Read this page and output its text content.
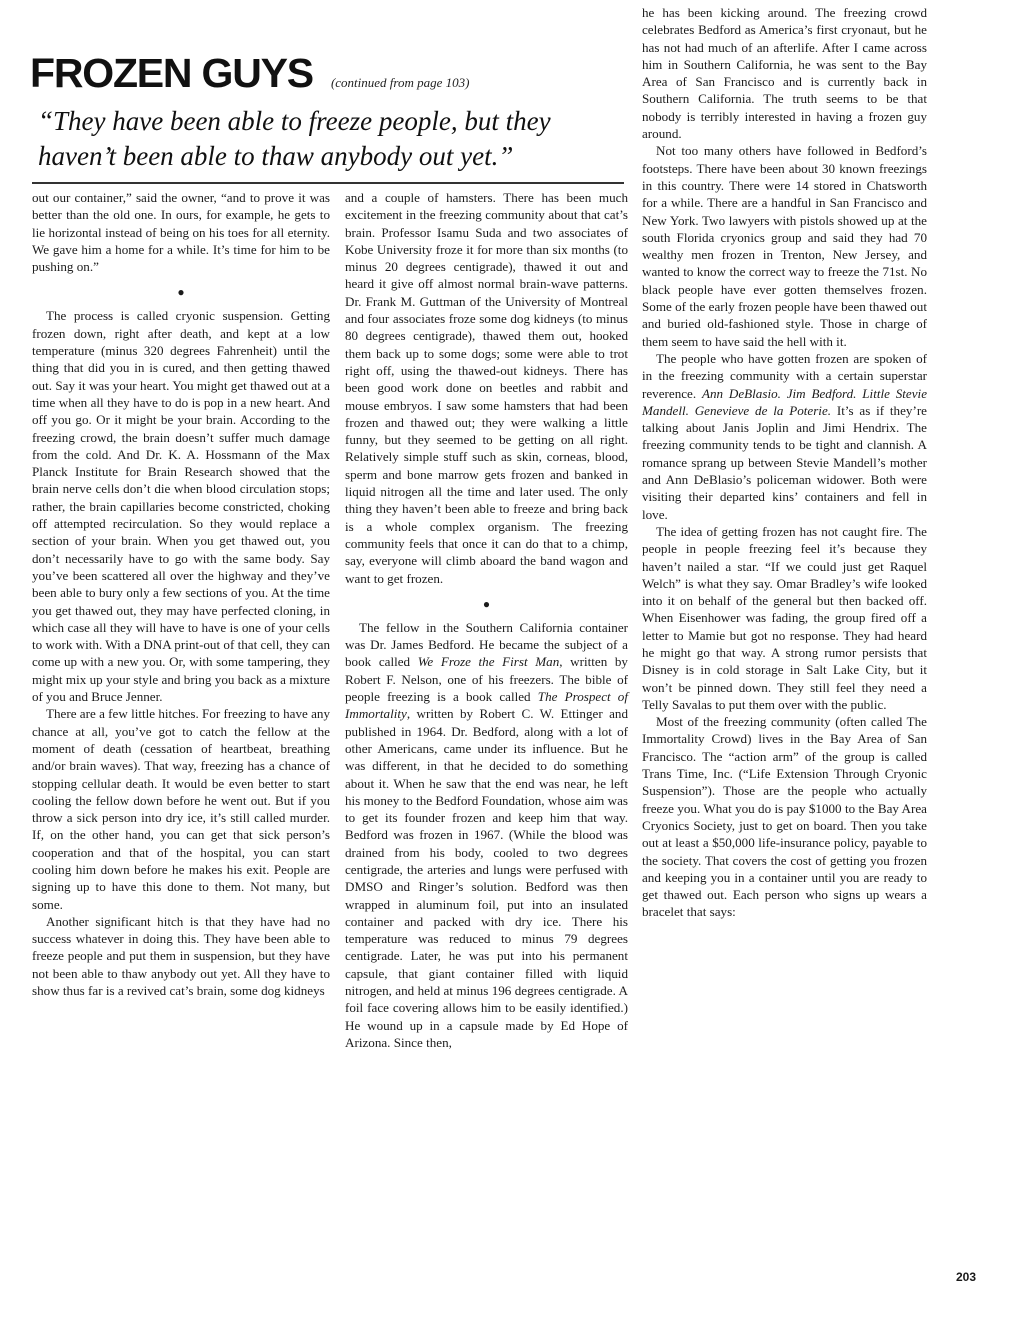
FROZEN GUYS (continued from page 103)
“They have been able to freeze people, but they haven’t been able to thaw anybody out yet.”

out our container,” said the owner, “and to prove it was better than the old one. In ours, for example, he gets to lie horizontal instead of being on his toes for all eternity. We gave him a home for a while. It’s time for him to be pushing on.”

●

The process is called cryonic suspension. Getting frozen down, right after death, and kept at a low temperature (minus 320 degrees Fahrenheit) until the thing that did you in is cured, and then getting thawed out. Say it was your heart. You might get thawed out at a time when all they have to do is pop in a new heart. And off you go. Or it might be your brain. According to the freezing crowd, the brain doesn’t suffer much damage from the cold. And Dr. K. A. Hossmann of the Max Planck Institute for Brain Research showed that the brain nerve cells don’t die when blood circulation stops; rather, the brain capillaries become constricted, choking off attempted recirculation. So they would replace a section of your brain. When you get thawed out, you don’t necessarily have to go with the same body. Say you’ve been scattered all over the highway and they’ve been able to bury only a few sections of you. At the time you get thawed out, they may have perfected cloning, in which case all they will have to have is one of your cells to work with. With a DNA print-out of that cell, they can come up with a new you. Or, with some tampering, they might mix up your style and bring you back as a mixture of you and Bruce Jenner.

There are a few little hitches. For freezing to have any chance at all, you’ve got to catch the fellow at the moment of death (cessation of heartbeat, breathing and/or brain waves). That way, freezing has a chance of stopping cellular death. It would be even better to start cooling the fellow down before he went out. But if you throw a sick person into dry ice, it’s still called murder. If, on the other hand, you can get that sick person’s cooperation and that of the hospital, you can start cooling him down before he makes his exit. People are signing up to have this done to them. Not many, but some.

Another significant hitch is that they have had no success whatever in doing this. They have been able to freeze people and put them in suspension, but they have not been able to thaw anybody out yet. All they have to show thus far is a revived cat’s brain, some dog kidneys

and a couple of hamsters. There has been much excitement in the freezing community about that cat’s brain. Professor Isamu Suda and two associates of Kobe University froze it for more than six months (to minus 20 degrees centigrade), thawed it out and heard it give off almost normal brain-wave patterns. Dr. Frank M. Guttman of the University of Montreal and four associates froze some dog kidneys (to minus 80 degrees centigrade), thawed them out, hooked them back up to some dogs; some were able to trot right off, using the thawed-out kidneys. There has been good work done on beetles and rabbit and mouse embryos. I saw some hamsters that had been frozen and thawed out; they were walking a little funny, but they seemed to be getting on all right. Relatively simple stuff such as skin, corneas, blood, sperm and bone marrow gets frozen and banked in liquid nitrogen all the time and later used. The only thing they haven’t been able to freeze and bring back is a whole complex organism. The freezing community feels that once it can do that to a chimp, say, everyone will climb aboard the band wagon and want to get frozen.

●

The fellow in the Southern California container was Dr. James Bedford. He became the subject of a book called We Froze the First Man, written by Robert F. Nelson, one of his freezers. The bible of people freezing is a book called The Prospect of Immortality, written by Robert C. W. Ettinger and published in 1964. Dr. Bedford, along with a lot of other Americans, came under its influence. But he was different, in that he decided to do something about it. When he saw that the end was near, he left his money to the Bedford Foundation, whose aim was to get its founder frozen and keep him that way. Bedford was frozen in 1967. (While the blood was drained from his body, cooled to two degrees centigrade, the arteries and lungs were perfused with DMSO and Ringer’s solution. Bedford was then wrapped in aluminum foil, put into an insulated container and packed with dry ice. There his temperature was reduced to minus 79 degrees centigrade. Later, he was put into his permanent capsule, that giant container filled with liquid nitrogen, and held at minus 196 degrees centigrade. A foil face covering allows him to be easily identified.) He wound up in a capsule made by Ed Hope of Arizona. Since then,

he has been kicking around. The freezing crowd celebrates Bedford as America’s first cryonaut, but he has not had much of an afterlife. After I came across him in Southern California, he was sent to the Bay Area of San Francisco and is currently back in Southern California. The truth seems to be that nobody is terribly interested in having a frozen guy around.

Not too many others have followed in Bedford’s footsteps. There have been about 30 known freezings in this country. There were 14 stored in Chatsworth for a while. There are a handful in San Francisco and New York. Two lawyers with pistols showed up at the south Florida cryonics group and said they had 70 wealthy men frozen in Trenton, New Jersey, and wanted to know the correct way to freeze the 71st. No black people have ever gotten themselves frozen. Some of the early frozen people have been thawed out and buried old-fashioned style. Those in charge of them seem to have said the hell with it.

The people who have gotten frozen are spoken of in the freezing community with a certain superstar reverence. Ann DeBlasio. Jim Bedford. Little Stevie Mandell. Genevieve de la Poterie. It’s as if they’re talking about Janis Joplin and Jimi Hendrix. The freezing community tends to be tight and clannish. A romance sprang up between Stevie Mandell’s mother and Ann DeBlasio’s policeman widower. Both were visiting their departed kins’ containers and fell in love.

The idea of getting frozen has not caught fire. The people in people freezing feel it’s because they haven’t nailed a star. “If we could just get Raquel Welch” is what they say. Omar Bradley’s wife looked into it on behalf of the general but then backed off. When Eisenhower was fading, the group fired off a letter to Mamie but got no response. They had heard he might go that way. A strong rumor persists that Disney is in cold storage in Salt Lake City, but it won’t be pinned down. They still feel they need a Telly Savalas to put them over with the public.

Most of the freezing community (often called The Immortality Crowd) lives in the Bay Area of San Francisco. The “action arm” of the group is called Trans Time, Inc. (“Life Extension Through Cryonic Suspension”). Those are the people who actually freeze you. What you do is pay $1000 to the Bay Area Cryonics Society, just to get on board. Then you take out at least a $50,000 life-insurance policy, payable to the society. That covers the cost of getting you frozen and keeping you in a container until you are ready to get thawed out. Each person who signs up wears a bracelet that says:

203
